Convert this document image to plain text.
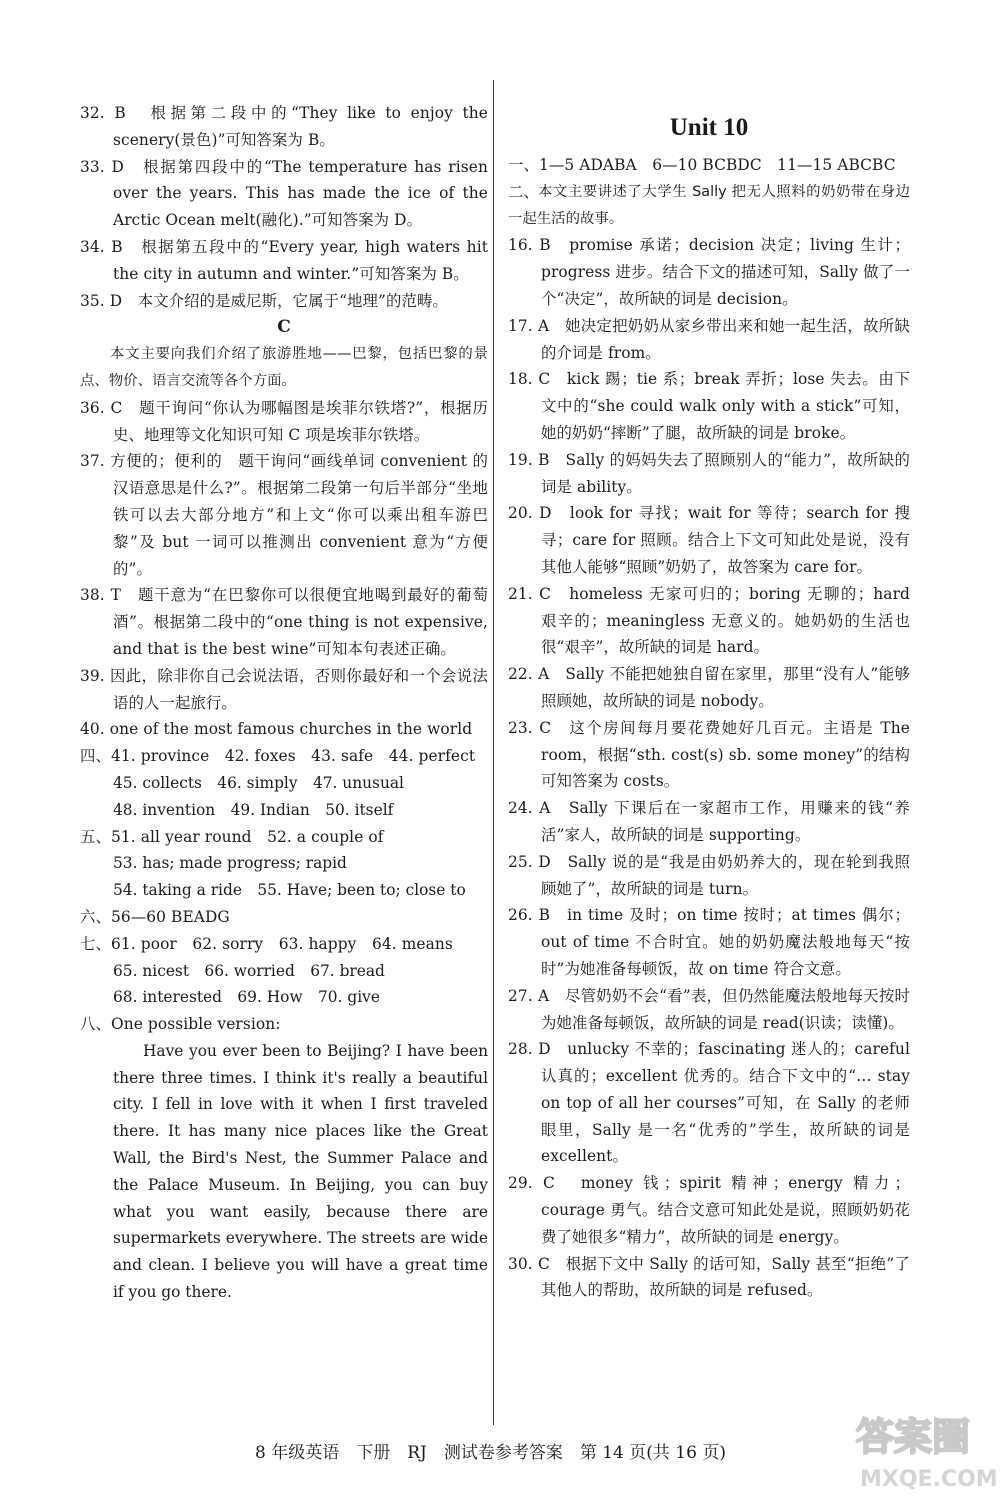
32. B　根据第二段中的“They like to enjoy the scenery(景色)”可知答案为 B。
33. D　根据第四段中的“The temperature has risen over the years. This has made the ice of the Arctic Ocean melt(融化).”可知答案为 D。
34. B　根据第五段中的“Every year, high waters hit the city in autumn and winter.”可知答案为 B。
35. D　本文介绍的是威尼斯，它属于“地理”的范畴。
C
本文主要向我们介绍了旅游胜地——巴黎，包括巴黎的景点、物价、语言交流等各个方面。
36. C　题干询问“你认为哪幅图是埃菲尔铁塔?”，根据历史、地理等文化知识可知 C 项是埃菲尔铁塔。
37. 方便的；便利的　题干询问“画线单词 convenient 的汉语意思是什么?”。根据第二段第一句后半部分“坐地铁可以去大部分地方”和上文“你可以乘出租车游巴黎”及 but 一词可以推测出 convenient 意为“方便的”。
38. T　题干意为“在巴黎你可以很便宜地喝到最好的葡萄酒”。根据第二段中的“one thing is not expensive, and that is the best wine”可知本句表述正确。
39. 因此，除非你自己会说法语，否则你最好和一个会说法语的人一起旅行。
40. one of the most famous churches in the world
四、41. province　42. foxes　43. safe　44. perfect
45. collects　46. simply　47. unusual
48. invention　49. Indian　50. itself
五、51. all year round　52. a couple of
53. has; made progress; rapid
54. taking a ride　55. Have; been to; close to
六、56—60 BEADG
七、61. poor　62. sorry　63. happy　64. means
65. nicest　66. worried　67. bread
68. interested　69. How　70. give
八、One possible version:
Have you ever been to Beijing? I have been there three times. I think it's really a beautiful city. I fell in love with it when I first traveled there. It has many nice places like the Great Wall, the Bird's Nest, the Summer Palace and the Palace Museum. In Beijing, you can buy what you want easily, because there are supermarkets everywhere. The streets are wide and clean. I believe you will have a great time if you go there.
Unit 10
一、1—5 ADABA　6—10 BCBDC　11—15 ABCBC
二、 本文主要讲述了大学生 Sally 把无人照料的奶奶带在身边一起生活的故事。
16. B　promise 承诺；decision 决定；living 生计；progress 进步。结合下文的描述可知，Sally 做了一个“决定”，故所缺的词是 decision。
17. A　她决定把奶奶从家乡带出来和她一起生活，故所缺的介词是 from。
18. C　kick 踢；tie 系；break 弄折；lose 失去。由下文中的“she could walk only with a stick”可知，她的奶奶“摔断”了腿，故所缺的词是 broke。
19. B　Sally 的妈妈失去了照顾别人的“能力”，故所缺的词是 ability。
20. D　look for 寻找；wait for 等待；search for 搜寻；care for 照顾。结合上下文可知此处是说，没有其他人能够“照顾”奶奶了，故答案为 care for。
21. C　homeless 无家可归的；boring 无聊的；hard 艰辛的；meaningless 无意义的。她奶奶的生活也很“艰辛”，故所缺的词是 hard。
22. A　Sally 不能把她独自留在家里，那里“没有人”能够照顾她，故所缺的词是 nobody。
23. C　这个房间每月要花费她好几百元。主语是 The room，根据“sth. cost(s) sb. some money”的结构可知答案为 costs。
24. A　Sally 下课后在一家超市工作，用赚来的钱“养活”家人，故所缺的词是 supporting。
25. D　Sally 说的是“我是由奶奶养大的，现在轮到我照顾她了”，故所缺的词是 turn。
26. B　in time 及时；on time 按时；at times 偶尔；out of time 不合时宜。她的奶奶魔法般地每天“按时”为她准备每顿饭，故 on time 符合文意。
27. A　尽管奶奶不会“看”表，但仍然能魔法般地每天按时为她准备每顿饭，故所缺的词是 read(识读；读懂)。
28. D　unlucky 不幸的；fascinating 迷人的；careful 认真的；excellent 优秀的。结合下文中的“… stay on top of all her courses”可知，在 Sally 的老师眼里，Sally 是一名“优秀的”学生，故所缺的词是 excellent。
29. C　money 钱；spirit 精神；energy 精力；courage 勇气。结合文意可知此处是说，照顾奶奶花费了她很多“精力”，故所缺的词是 energy。
30. C　根据下文中 Sally 的话可知，Sally 甚至“拒绝”了其他人的帮助，故所缺的词是 refused。
8 年级英语　下册　RJ　测试卷参考答案　第 14 页(共 16 页)	答案圈
MXQE.COM
